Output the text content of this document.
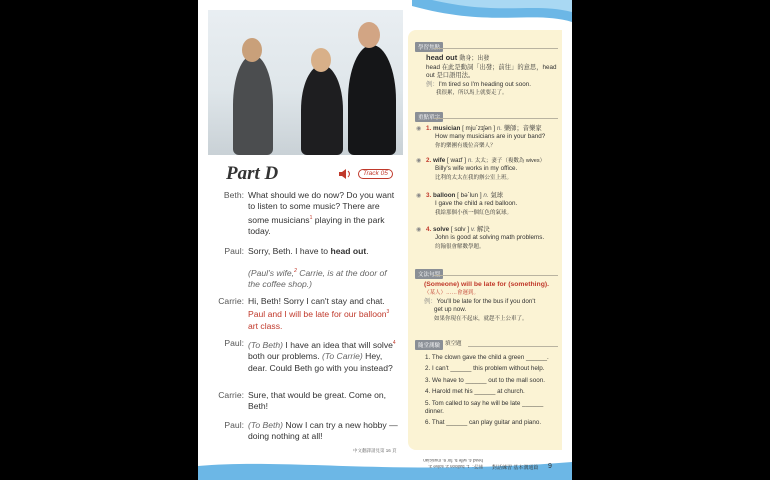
Part D	Track 05
Beth: What should we do now? Do you want to listen to some music? There are some musicians$^1$ playing in the park today.
Paul: Sorry, Beth. I have to head out.
(Paul's wife,$^2$ Carrie, is at the door of the coffee shop.)
Carrie: Hi, Beth! Sorry I can't stay and chat. Paul and I will be late for our balloon$^3$ art class.
Paul: (To Beth) I have an idea that will solve$^4$ both our problems. (To Carrie) Hey, dear. Could Beth go with you instead?
Carrie: Sure, that would be great. Come on, Beth!
Paul: (To Beth) Now I can try a new hobby — doing nothing at all!
中文翻譯請見第 16 頁
學習焦點
head out 動身；出發
head 在此是動詞「出發；前往」的意思，head
out 是口語用法。
例：I'm tired so I'm heading out soon.
我很累，所以馬上就要走了。
重點單字
◉ 1. musician [ mjuˋzɪʃən ] n. 樂師；音樂家
How many musicians are in your band?
你的樂團有幾位音樂人？
◉ 2. wife [ waɪf ] n. 太太；妻子（複數為 wives）
Billy's wife works in my office.
比利的太太在我的辦公室上班。
◉ 3. balloon [ bəˋlun ] n. 氣球
I gave the child a red balloon.
我給那個小孩一個紅色的氣球。
◉ 4. solve [ sɑlv ] v. 解決
John is good at solving math problems.
約翰很會解數學題。
文法句型
(Someone) will be late for (something).
（某人）……會遲到。
例：You'll be late for the bus if you don't
get up now.
如果你現在不起床，就趕不上公車了。
隨堂測驗 填空題
1. The clown gave the child a green ______.
2. I can't ______ this problem without help.
3. We have to ______ out to the mall soon.
4. Harold met his ______ at church.
5. Tom called to say he will be late ______ dinner.
6. That ______ can play guitar and piano.
解答：1. balloon 2. solve 3. head 4. wife 5. for 6. musician
對話練習 基本溝通篇 9
